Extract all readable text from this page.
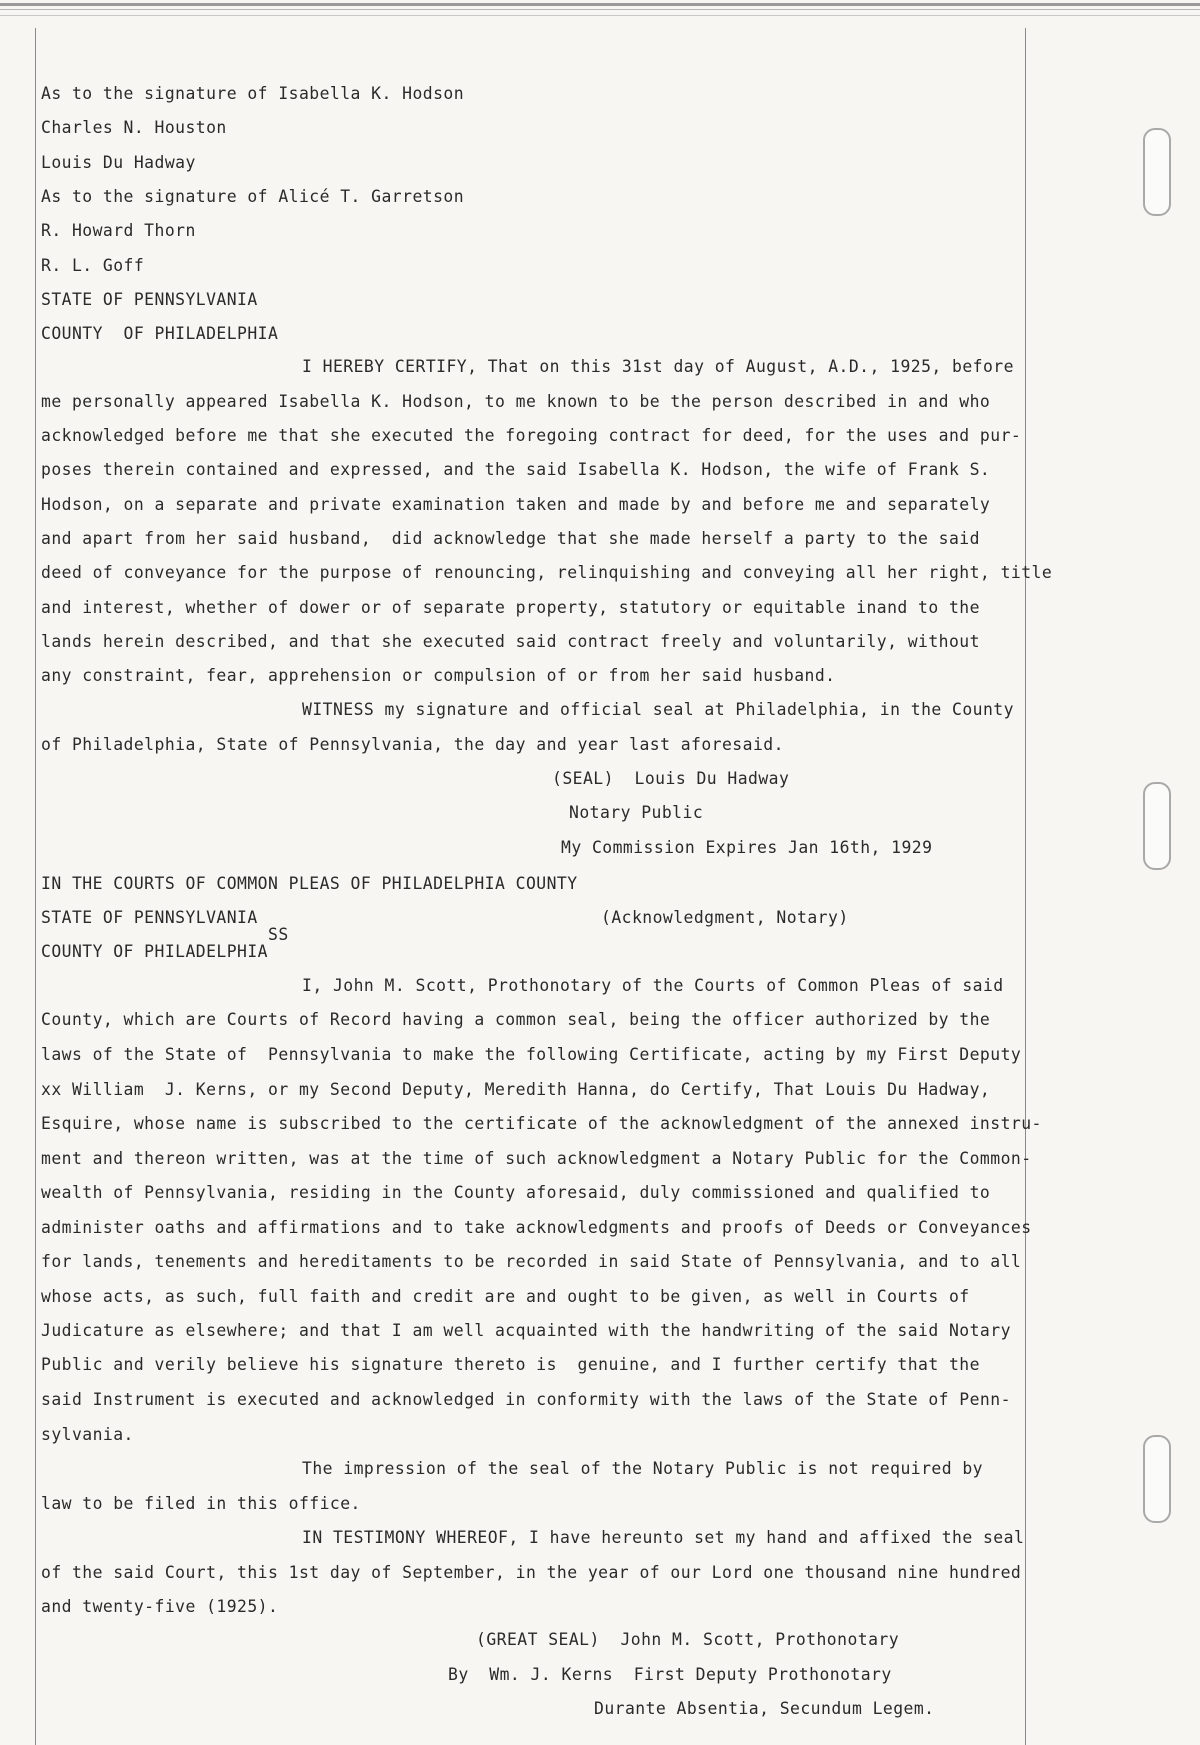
As to the signature of Isabella K. Hodson
Charles N. Houston
Louis Du Hadway
As to the signature of Alicé T. Garretson
R. Howard Thorn
R. L. Goff
STATE OF PENNSYLVANIA
COUNTY  OF PHILADELPHIA
I HEREBY CERTIFY, That on this 31st day of August, A.D., 1925, before
me personally appeared Isabella K. Hodson, to me known to be the person described in and who
acknowledged before me that she executed the foregoing contract for deed, for the uses and pur-
poses therein contained and expressed, and the said Isabella K. Hodson, the wife of Frank S.
Hodson, on a separate and private examination taken and made by and before me and separately
and apart from her said husband,  did acknowledge that she made herself a party to the said
deed of conveyance for the purpose of renouncing, relinquishing and conveying all her right, title
and interest, whether of dower or of separate property, statutory or equitable inand to the
lands herein described, and that she executed said contract freely and voluntarily, without
any constraint, fear, apprehension or compulsion of or from her said husband.
WITNESS my signature and official seal at Philadelphia, in the County
of Philadelphia, State of Pennsylvania, the day and year last aforesaid.
(SEAL)  Louis Du Hadway
Notary Public
My Commission Expires Jan 16th, 1929
IN THE COURTS OF COMMON PLEAS OF PHILADELPHIA COUNTY
STATE OF PENNSYLVANIA	(Acknowledgment, Notary)
SS
COUNTY OF PHILADELPHIA
I, John M. Scott, Prothonotary of the Courts of Common Pleas of said
County, which are Courts of Record having a common seal, being the officer authorized by the
laws of the State of  Pennsylvania to make the following Certificate, acting by my First Deputy
xx William  J. Kerns, or my Second Deputy, Meredith Hanna, do Certify, That Louis Du Hadway,
Esquire, whose name is subscribed to the certificate of the acknowledgment of the annexed instru-
ment and thereon written, was at the time of such acknowledgment a Notary Public for the Common-
wealth of Pennsylvania, residing in the County aforesaid, duly commissioned and qualified to
administer oaths and affirmations and to take acknowledgments and proofs of Deeds or Conveyances
for lands, tenements and hereditaments to be recorded in said State of Pennsylvania, and to all
whose acts, as such, full faith and credit are and ought to be given, as well in Courts of
Judicature as elsewhere; and that I am well acquainted with the handwriting of the said Notary
Public and verily believe his signature thereto is  genuine, and I further certify that the
said Instrument is executed and acknowledged in conformity with the laws of the State of Penn-
sylvania.
The impression of the seal of the Notary Public is not required by
law to be filed in this office.
IN TESTIMONY WHEREOF, I have hereunto set my hand and affixed the seal
of the said Court, this 1st day of September, in the year of our Lord one thousand nine hundred
and twenty-five (1925).
(GREAT SEAL)  John M. Scott, Prothonotary
By  Wm. J. Kerns  First Deputy Prothonotary
Durante Absentia, Secundum Legem.
